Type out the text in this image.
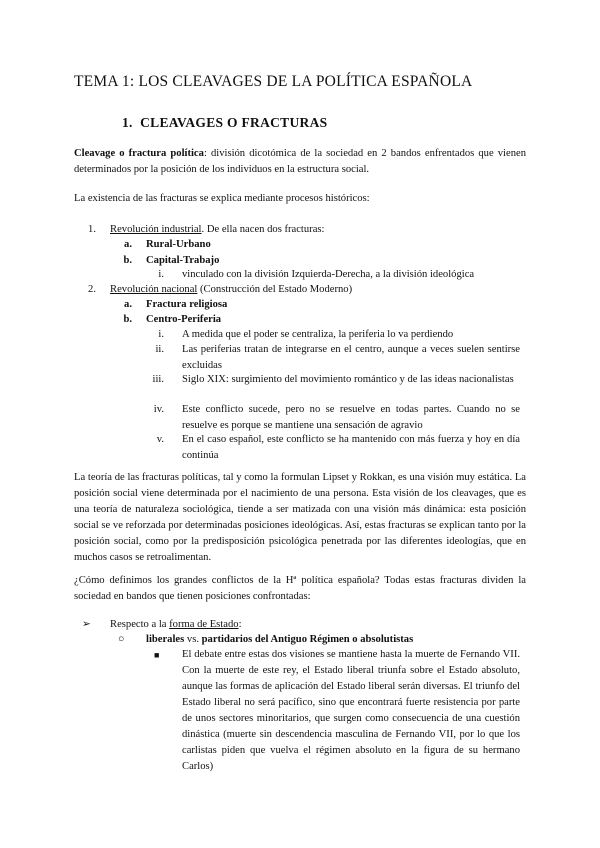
TEMA 1: LOS CLEAVAGES DE LA POLÍTICA ESPAÑOLA
1. CLEAVAGES O FRACTURAS

Cleavage o fractura política: división dicotómica de la sociedad en 2 bandos enfrentados que vienen determinados por la posición de los individuos en la estructura social.

La existencia de las fracturas se explica mediante procesos históricos:

1. Revolución industrial. De ella nacen dos fracturas:
a. Rural-Urbano
b. Capital-Trabajo
i. vinculado con la división Izquierda-Derecha, a la división ideológica
2. Revolución nacional (Construcción del Estado Moderno)
a. Fractura religiosa
b. Centro-Periferia
i. A medida que el poder se centraliza, la periferia lo va perdiendo
ii. Las periferias tratan de integrarse en el centro, aunque a veces suelen sentirse excluidas
iii. Siglo XIX: surgimiento del movimiento romántico y de las ideas nacionalistas
iv. Este conflicto sucede, pero no se resuelve en todas partes. Cuando no se resuelve es porque se mantiene una sensación de agravio
v. En el caso español, este conflicto se ha mantenido con más fuerza y hoy en día continúa

La teoría de las fracturas políticas, tal y como la formulan Lipset y Rokkan, es una visión muy estática. La posición social viene determinada por el nacimiento de una persona. Esta visión de los cleavages, que es una teoría de naturaleza sociológica, tiende a ser matizada con una visión más dinámica: esta posición social se ve reforzada por determinadas posiciones ideológicas. Así, estas fracturas se explican tanto por la posición social, como por la predisposición psicológica penetrada por las diferentes ideologías, que en muchos casos se retroalimentan.

¿Cómo definimos los grandes conflictos de la Hª política española? Todas estas fracturas dividen la sociedad en bandos que tienen posiciones confrontadas:

➢ Respecto a la forma de Estado:
○ liberales vs. partidarios del Antiguo Régimen o absolutistas
■ El debate entre estas dos visiones se mantiene hasta la muerte de Fernando VII. Con la muerte de este rey, el Estado liberal triunfa sobre el Estado absoluto, aunque las formas de aplicación del Estado liberal serán diversas. El triunfo del Estado liberal no será pacífico, sino que encontrará fuerte resistencia por parte de unos sectores minoritarios, que surgen como consecuencia de una cuestión dinástica (muerte sin descendencia masculina de Fernando VII, por lo que los carlistas piden que vuelva el régimen absoluto en la figura de su hermano Carlos)
